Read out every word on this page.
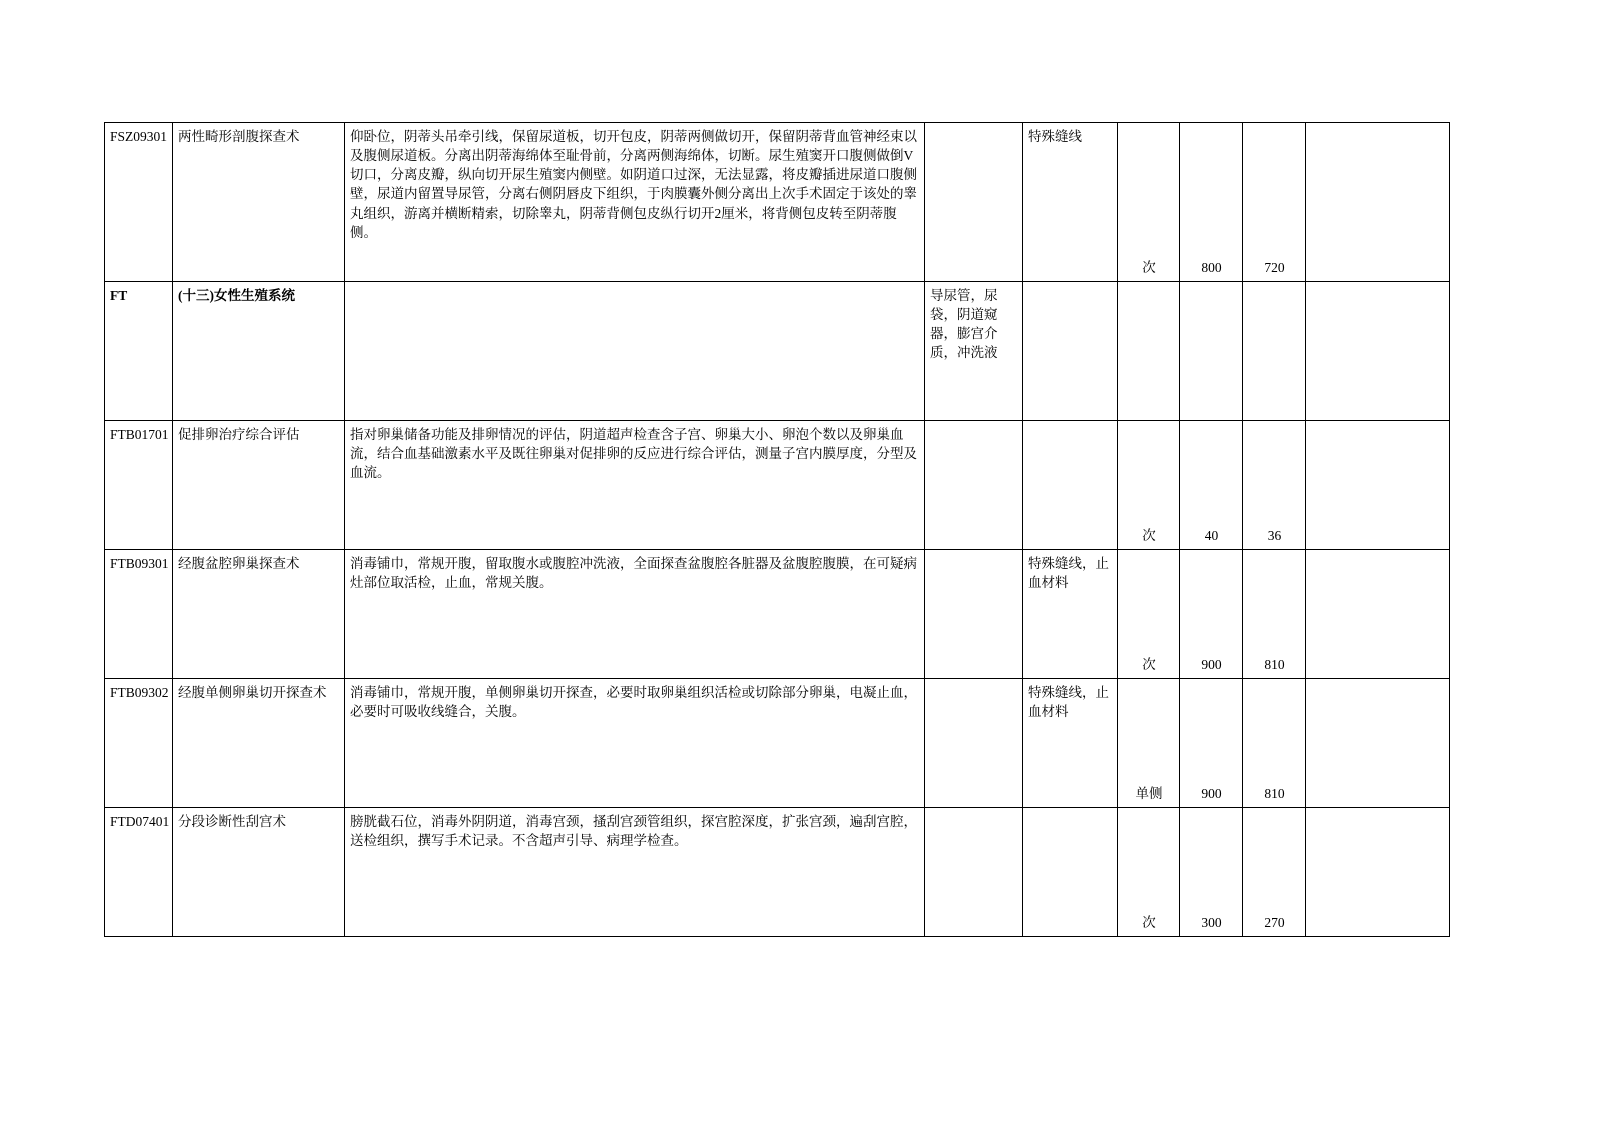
FSZ09301	两性畸形剖腹探查术	仰卧位，阴蒂头吊牵引线，保留尿道板，切开包皮，阴蒂两侧做切开，保留阴蒂背血管神经束以及腹侧尿道板。分离出阴蒂海绵体至耻骨前，分离两侧海绵体，切断。尿生殖窦开口腹侧做倒V切口，分离皮瓣，纵向切开尿生殖窦内侧壁。如阴道口过深，无法显露，将皮瓣插进尿道口腹侧壁，尿道内留置导尿管，分离右侧阴唇皮下组织，于肉膜囊外侧分离出上次手术固定于该处的睾丸组织，游离并横断精索，切除睾丸，阴蒂背侧包皮纵行切开2厘米，将背侧包皮转至阴蒂腹侧。		特殊缝线	次	800	720	
FT	(十三)女性生殖系统		导尿管，尿袋，阴道窥器，膨宫介质，冲洗液					
FTB01701	促排卵治疗综合评估	指对卵巢储备功能及排卵情况的评估，阴道超声检查含子宫、卵巢大小、卵泡个数以及卵巢血流，结合血基础激素水平及既往卵巢对促排卵的反应进行综合评估，测量子宫内膜厚度，分型及血流。			次	40	36	
FTB09301	经腹盆腔卵巢探查术	消毒铺巾，常规开腹，留取腹水或腹腔冲洗液，全面探查盆腹腔各脏器及盆腹腔腹膜，在可疑病灶部位取活检，止血，常规关腹。		特殊缝线，止血材料	次	900	810	
FTB09302	经腹单侧卵巢切开探查术	消毒铺巾，常规开腹，单侧卵巢切开探查，必要时取卵巢组织活检或切除部分卵巢，电凝止血，必要时可吸收线缝合，关腹。		特殊缝线，止血材料	单侧	900	810	
FTD07401	分段诊断性刮宫术	膀胱截石位，消毒外阴阴道，消毒宫颈，搔刮宫颈管组织，探宫腔深度，扩张宫颈，遍刮宫腔，送检组织，撰写手术记录。不含超声引导、病理学检查。			次	300	270	
